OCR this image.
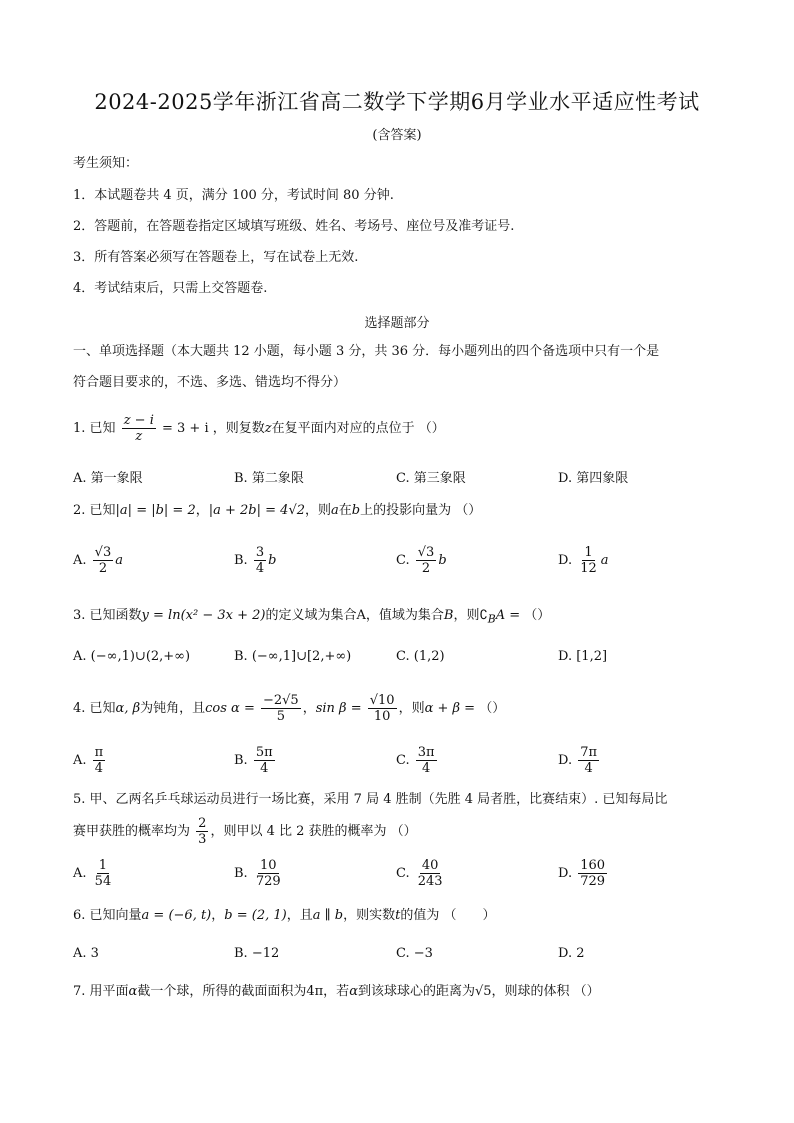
2024-2025学年浙江省高二数学下学期6月学业水平适应性考试
(含答案)
考生须知：
1．本试题卷共 4 页，满分 100 分，考试时间 80 分钟.
2．答题前，在答题卷指定区域填写班级、姓名、考场号、座位号及准考证号.
3．所有答案必须写在答题卷上，写在试卷上无效.
4．考试结束后，只需上交答题卷.
选择题部分
一、单项选择题（本大题共 12 小题，每小题 3 分，共 36 分．每小题列出的四个备选项中只有一个是
符合题目要求的，不选、多选、错选均不得分）
1. 已知 $\frac{z - i}{z} = 3 + i$ ，则复数z在复平面内对应的点位于 （）
A. 第一象限	B. 第二象限	C. 第三象限	D. 第四象限
2. 已知|a| = |b| = 2，|a + 2b| = 4√2，则a在b上的投影向量为 （）
A. $\frac{√3}{2}$ a	B. $\frac{3}{4}$ b	C. $\frac{√3}{2}$ b	D. $\frac{1}{12}$ a
3. 已知函数y = ln(x² − 3x + 2)的定义域为集合A，值域为集合B，则$∁_BA$ = （）
A. (−∞,1)∪(2,+∞)	B. (−∞,1]∪[2,+∞)	C. (1,2)	D. [1,2]
4. 已知α, β为钝角，且$\cos \alpha = \frac{-2√5}{5}$ ，$\sin \beta = \frac{√10}{10}$ ，则α + β = （）
A. $\frac{\pi}{4}$	B. $\frac{5\pi}{4}$	C. $\frac{3\pi}{4}$	D. $\frac{7\pi}{4}$
5. 甲、乙两名乒乓球运动员进行一场比赛，采用 7 局 4 胜制（先胜 4 局者胜，比赛结束）. 已知每局比
赛甲获胜的概率均为 $\frac{2}{3}$ ，则甲以 4 比 2 获胜的概率为 （）
A. $\frac{1}{54}$	B. $\frac{10}{729}$	C. $\frac{40}{243}$	D. $\frac{160}{729}$
6. 已知向量a = (−6, t)，b = (2, 1)，且a ∥ b，则实数t的值为 （　　）
A. 3	B. −12	C. −3	D. 2
7. 用平面α截一个球，所得的截面面积为4π，若α到该球球心的距离为√5，则球的体积 （）
